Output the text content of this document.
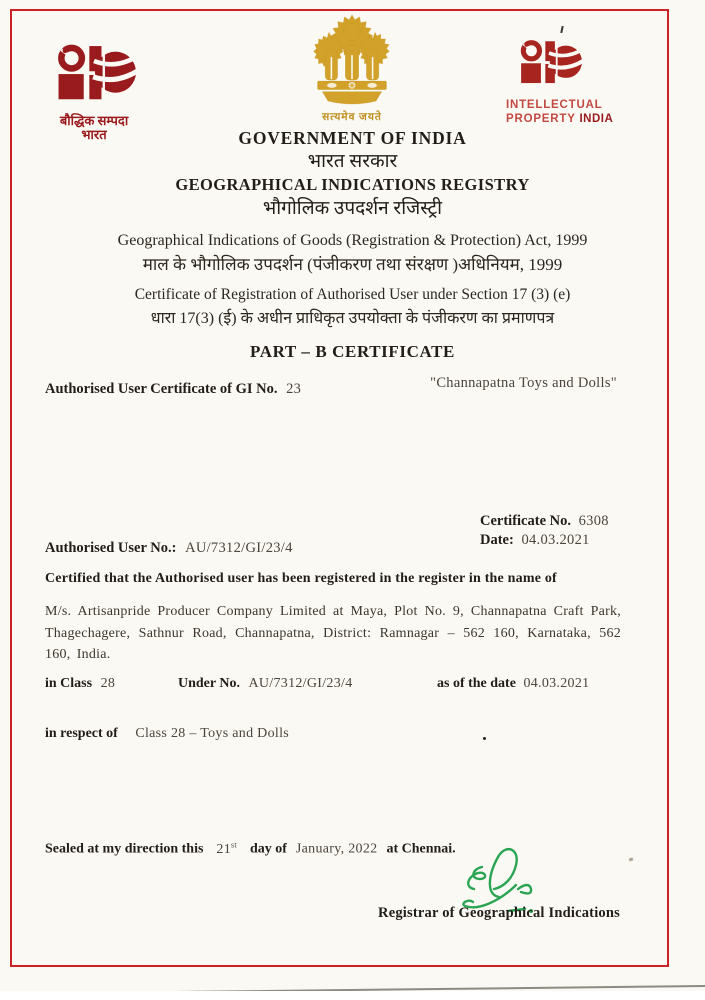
बौद्धिक सम्पदा
भारत
सत्यमेव जयते
INTELLECTUAL
PROPERTY INDIA
GOVERNMENT OF INDIA
भारत सरकार
GEOGRAPHICAL INDICATIONS REGISTRY
भौगोलिक उपदर्शन रजिस्ट्री
Geographical Indications of Goods (Registration & Protection) Act, 1999
माल के भौगोलिक उपदर्शन (पंजीकरण तथा संरक्षण )अधिनियम, 1999
Certificate of Registration of Authorised User under Section 17 (3) (e)
धारा 17(3) (ई) के अधीन प्राधिकृत उपयोक्ता के पंजीकरण का प्रमाणपत्र
PART – B CERTIFICATE
Authorised User Certificate of GI No. 23	"Channapatna Toys and Dolls"
Certificate No. 6308
Date: 04.03.2021
Authorised User No.: AU/7312/GI/23/4
Certified that the Authorised user has been registered in the register in the name of
M/s. Artisanpride Producer Company Limited at Maya, Plot No. 9, Channapatna Craft Park, Thagechagere, Sathnur Road, Channapatna, District: Ramnagar – 562 160, Karnataka, 562 160, India.
in Class 28	Under No. AU/7312/GI/23/4	as of the date 04.03.2021
in respect of Class 28 – Toys and Dolls
Sealed at my direction this 21st day of January, 2022 at Chennai.
Registrar of Geographical Indications
